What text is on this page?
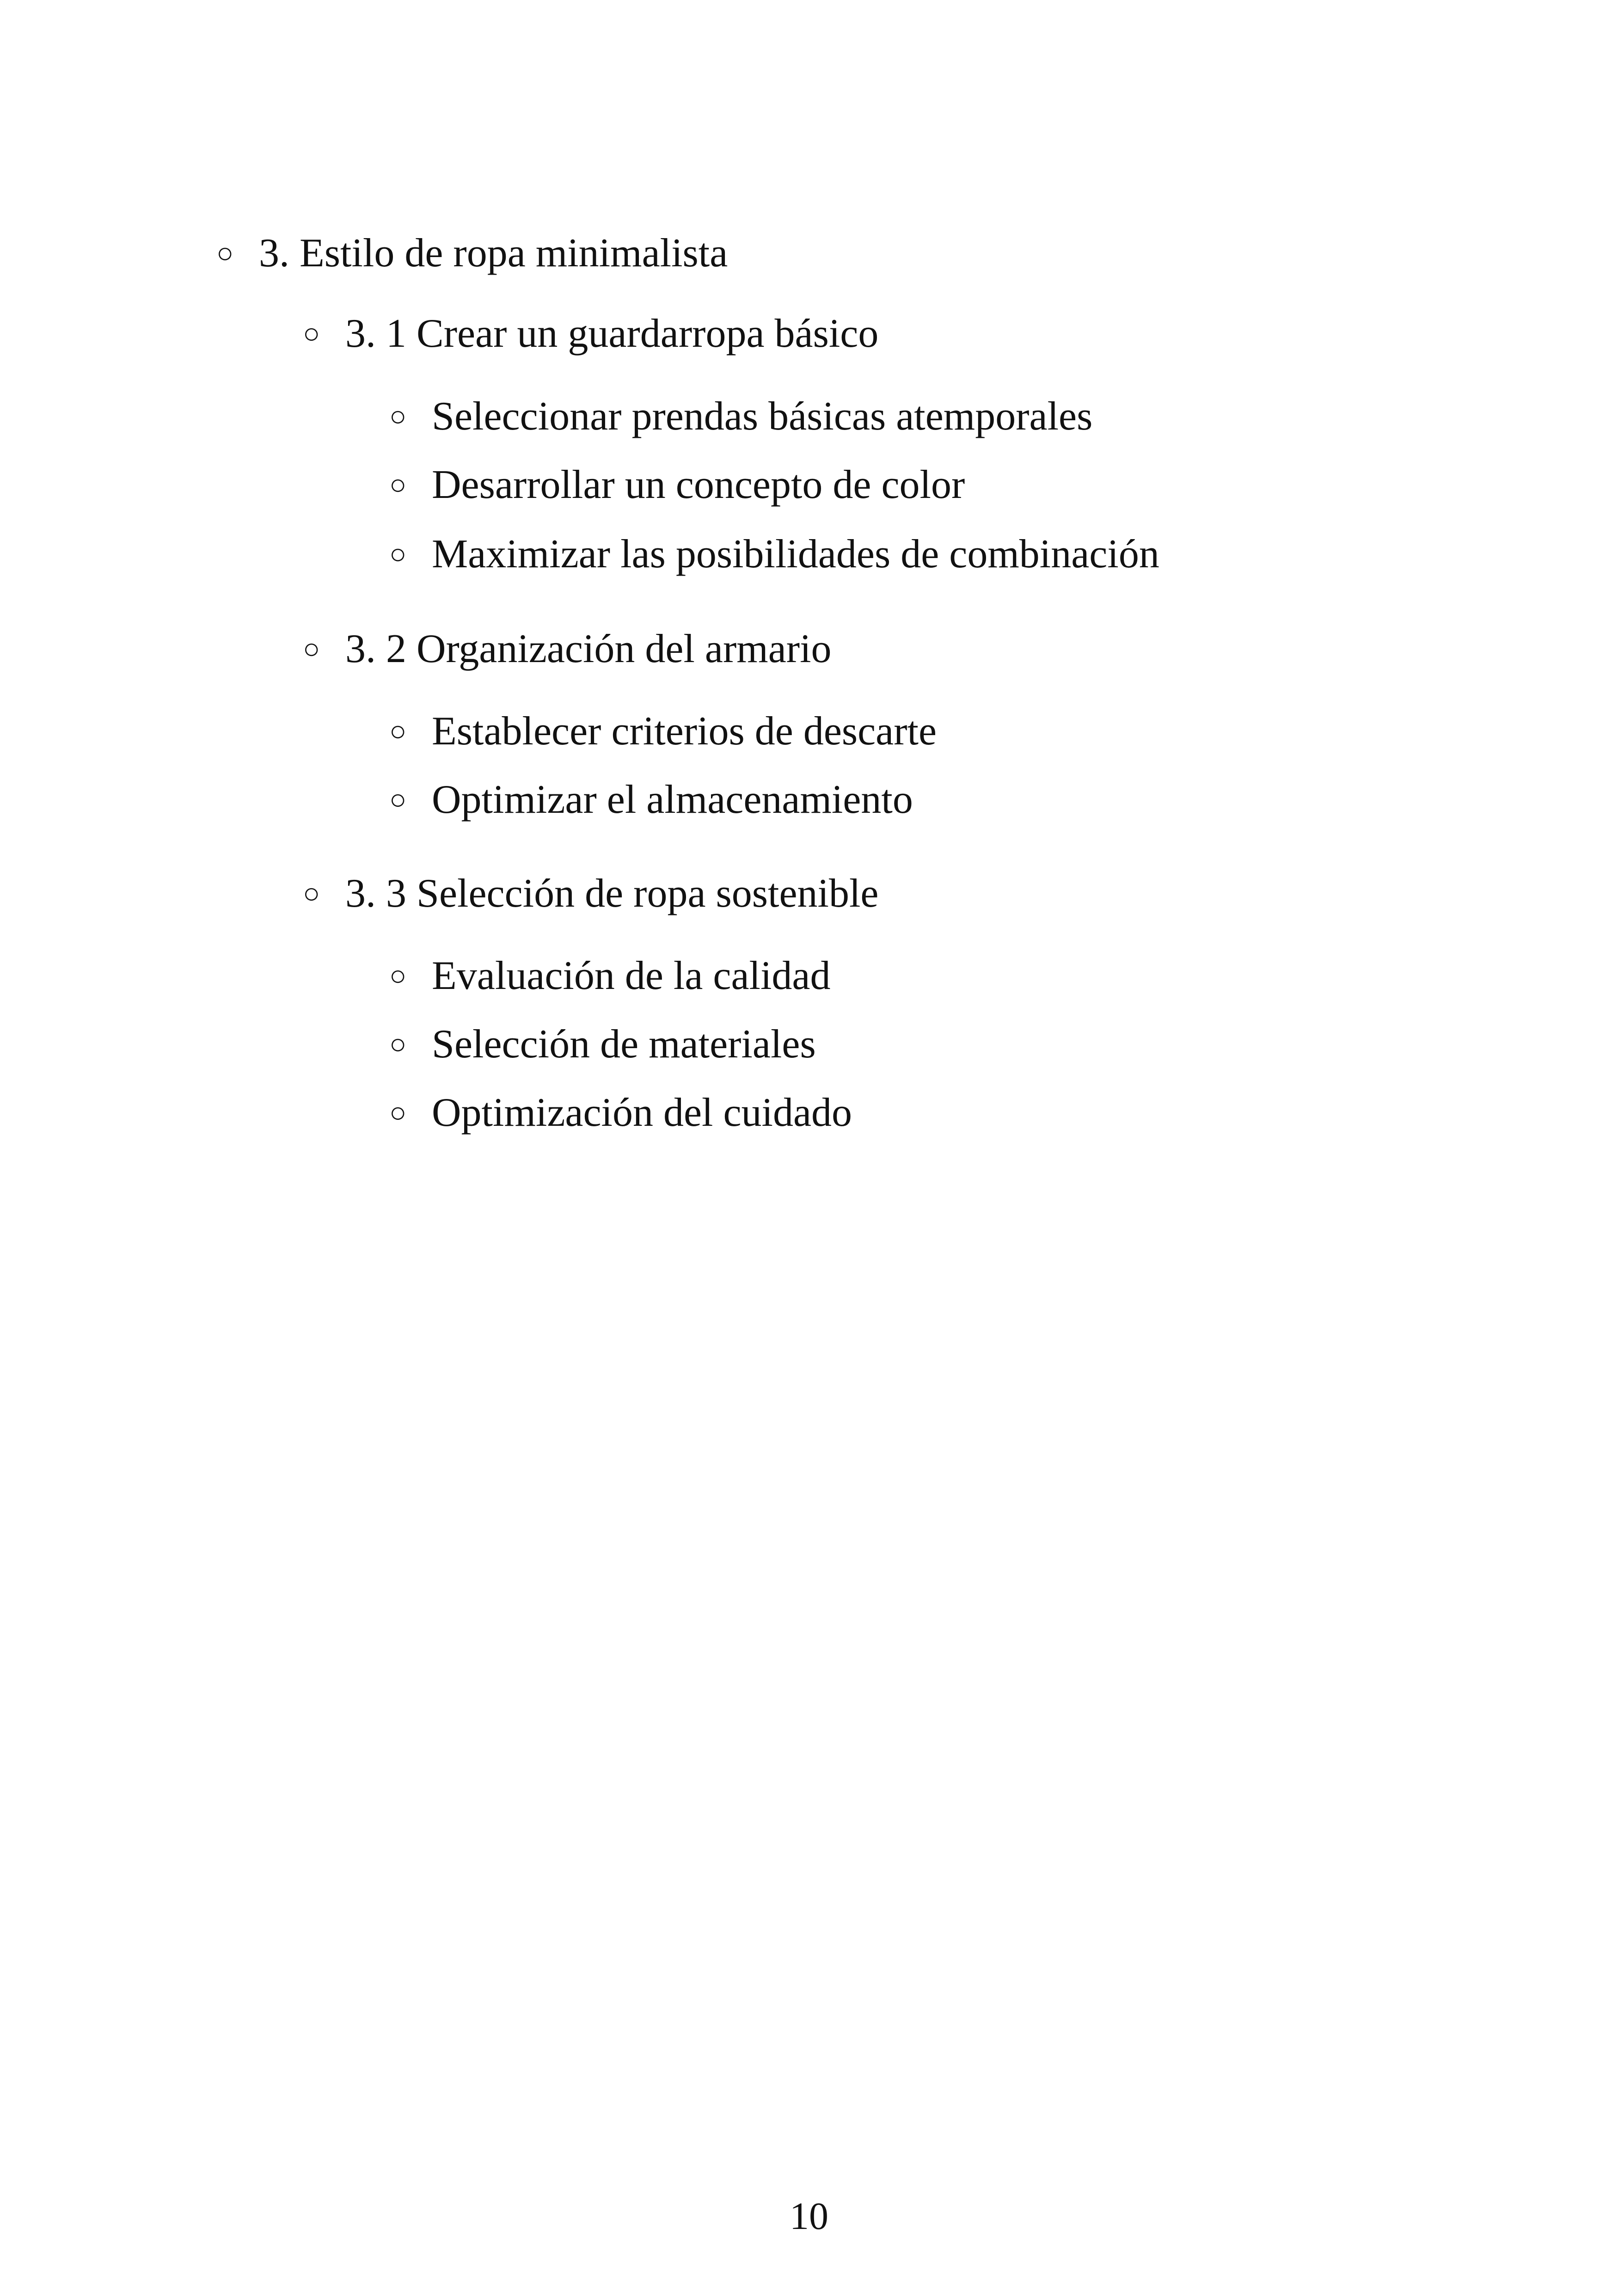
○ 3. Estilo de ropa minimalista
○ 3. 1 Crear un guardarropa básico
○ Seleccionar prendas básicas atemporales
○ Desarrollar un concepto de color
○ Maximizar las posibilidades de combinación
○ 3. 2 Organización del armario
○ Establecer criterios de descarte
○ Optimizar el almacenamiento
○ 3. 3 Selección de ropa sostenible
○ Evaluación de la calidad
○ Selección de materiales
○ Optimización del cuidado
10
